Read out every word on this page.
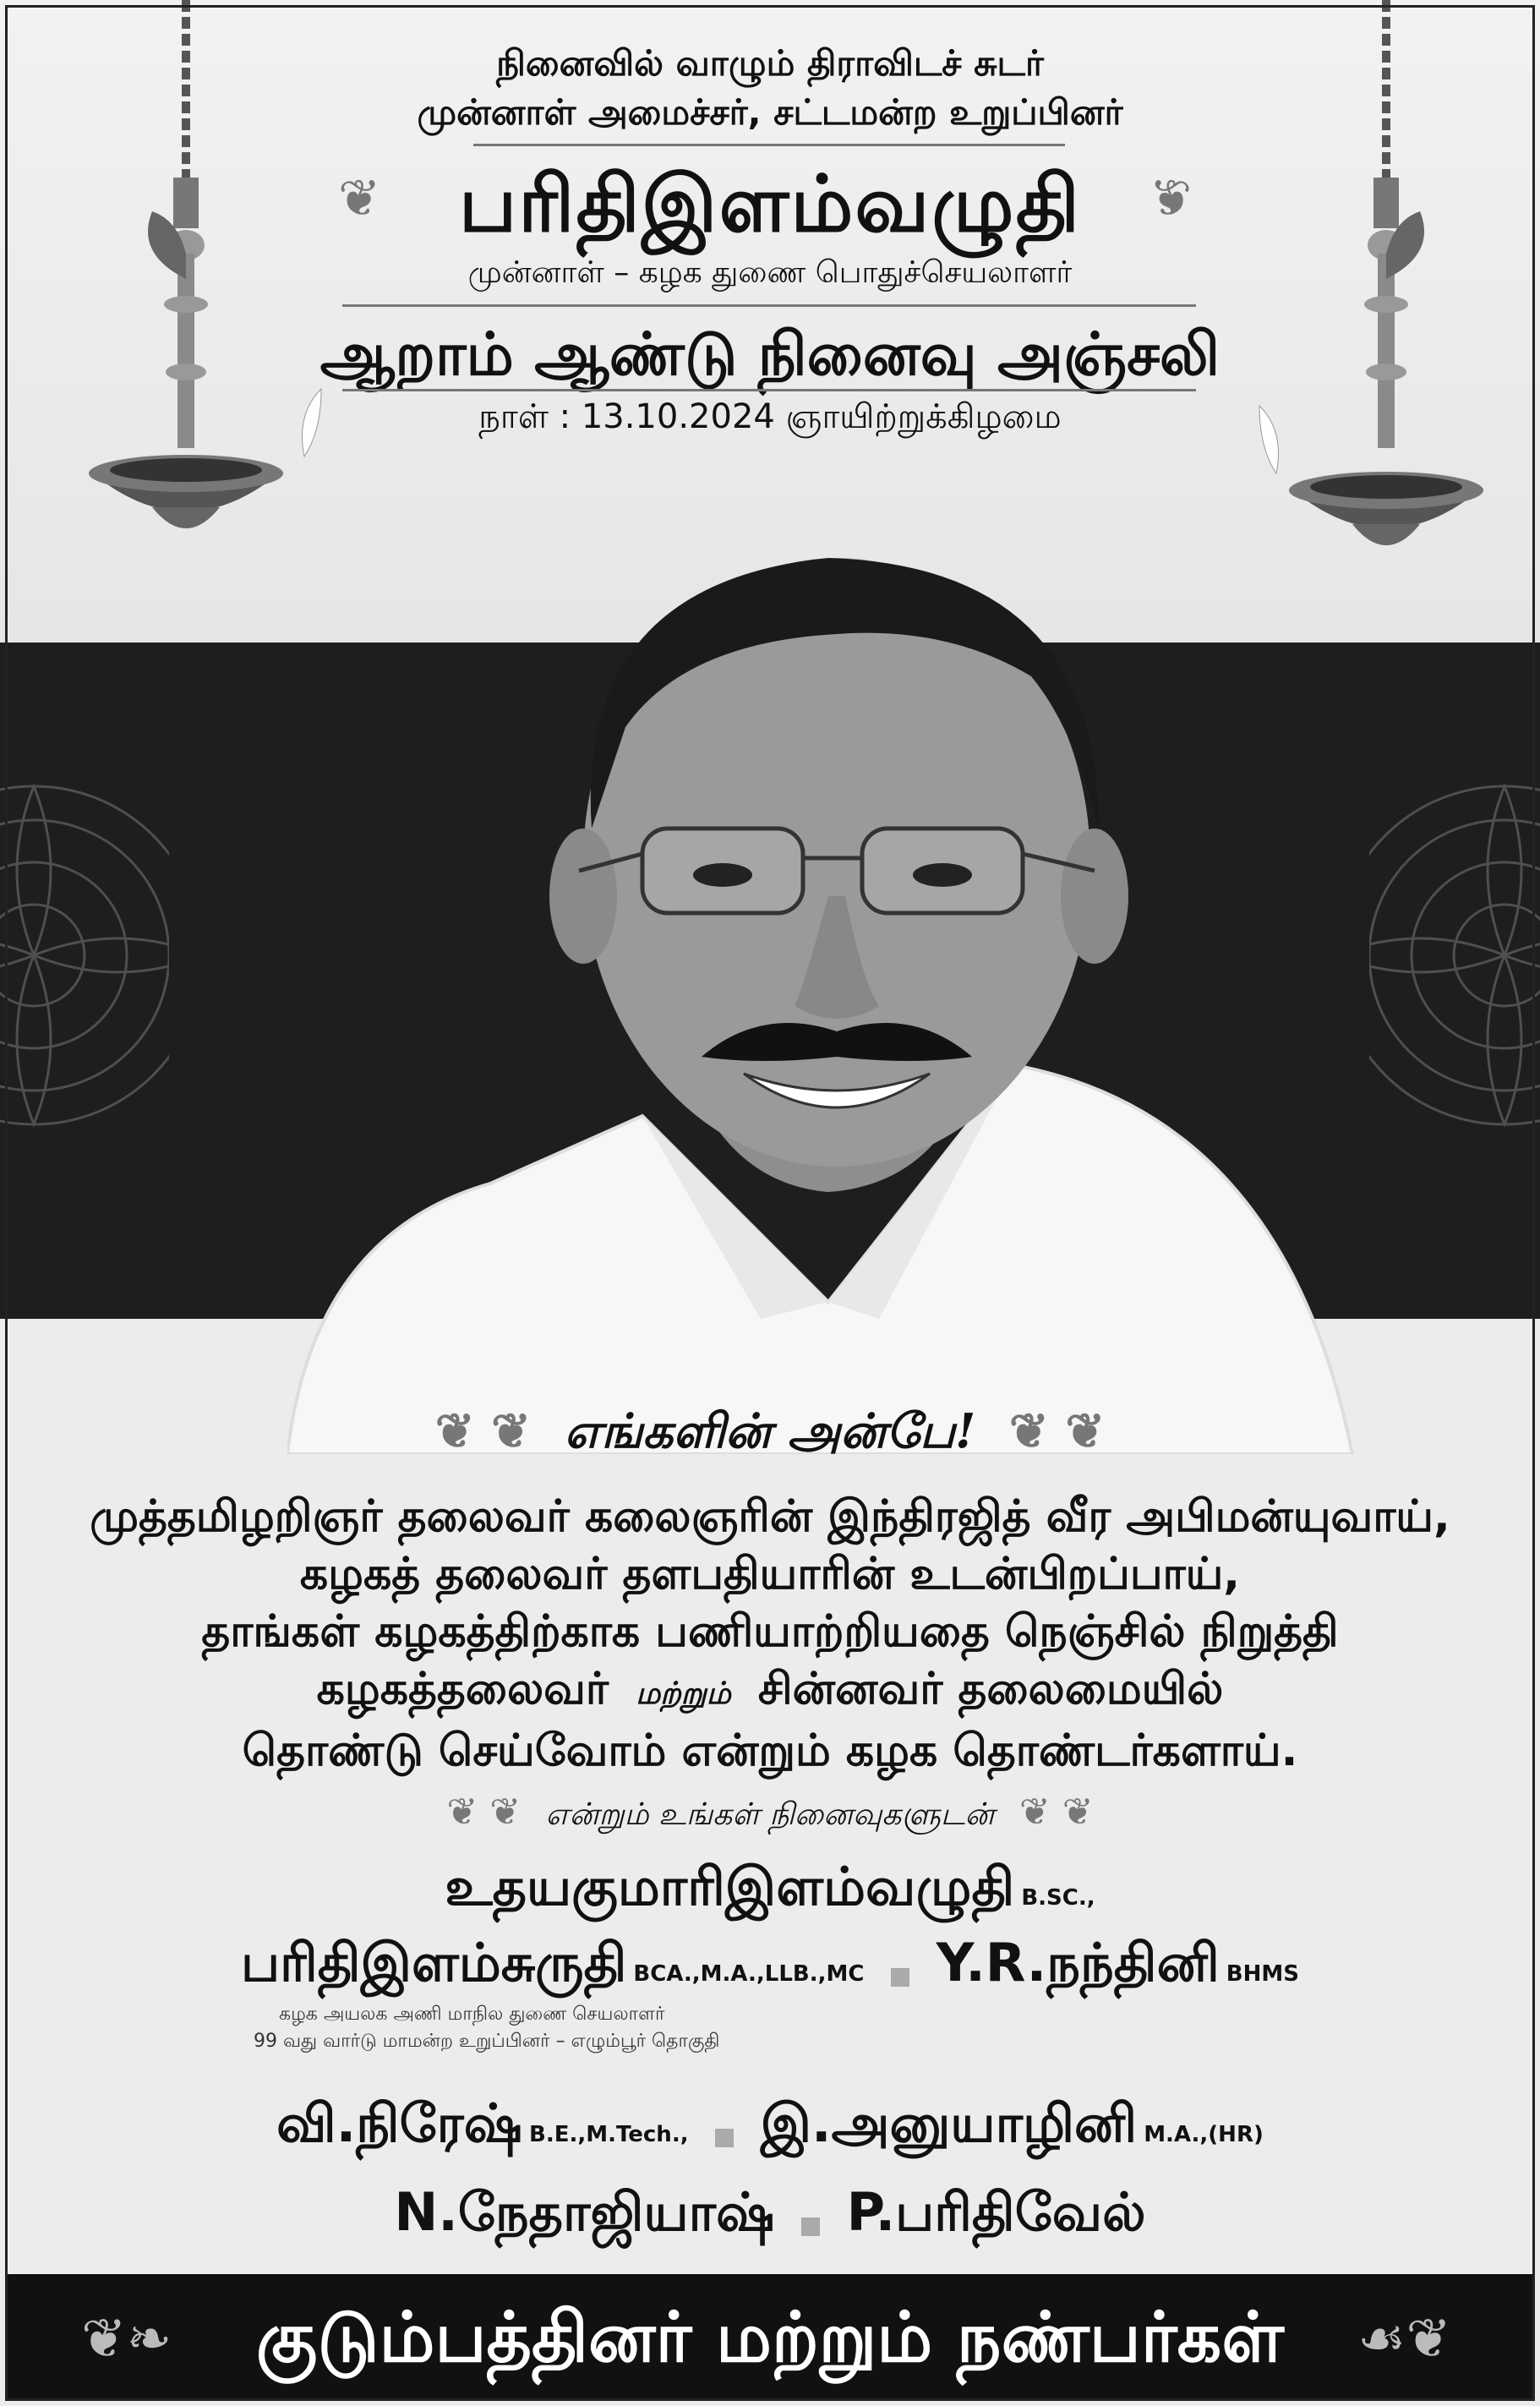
நினைவில் வாழும் திராவிடச் சுடர்
முன்னாள் அமைச்சர், சட்டமன்ற உறுப்பினர்
❦	❦
பரிதிஇளம்வழுதி
முன்னாள் – கழக துணை பொதுச்செயலாளர்
ஆறாம் ஆண்டு நினைவு அஞ்சலி
நாள் : 13.10.2024 ஞாயிற்றுக்கிழமை
❦ ❦ எங்களின் அன்பே! ❦ ❦
முத்தமிழறிஞர் தலைவர் கலைஞரின் இந்திரஜித் வீர அபிமன்யுவாய்,
கழகத் தலைவர் தளபதியாரின் உடன்பிறப்பாய்,
தாங்கள் கழகத்திற்காக பணியாற்றியதை நெஞ்சில் நிறுத்தி
கழகத்தலைவர் மற்றும் சின்னவர் தலைமையில்
தொண்டு செய்வோம் என்றும் கழக தொண்டர்களாய்.
❦ ❦ என்றும் உங்கள் நினைவுகளுடன் ❦ ❦
உதயகுமாரிஇளம்வழுதி B.SC.,
பரிதிஇளம்சுருதி BCA.,M.A.,LLB.,MC Y.R.நந்தினி BHMS
கழக அயலக அணி மாநில துணை செயலாளர்
99 வது வார்டு மாமன்ற உறுப்பினர் – எழும்பூர் தொகுதி
வி.நிரேஷ் B.E.,M.Tech., இ.அனுயாழினி M.A.,(HR)
N.நேதாஜியாஷ் P.பரிதிவேல்
❦❧	குடும்பத்தினர் மற்றும் நண்பர்கள்	☙❦
